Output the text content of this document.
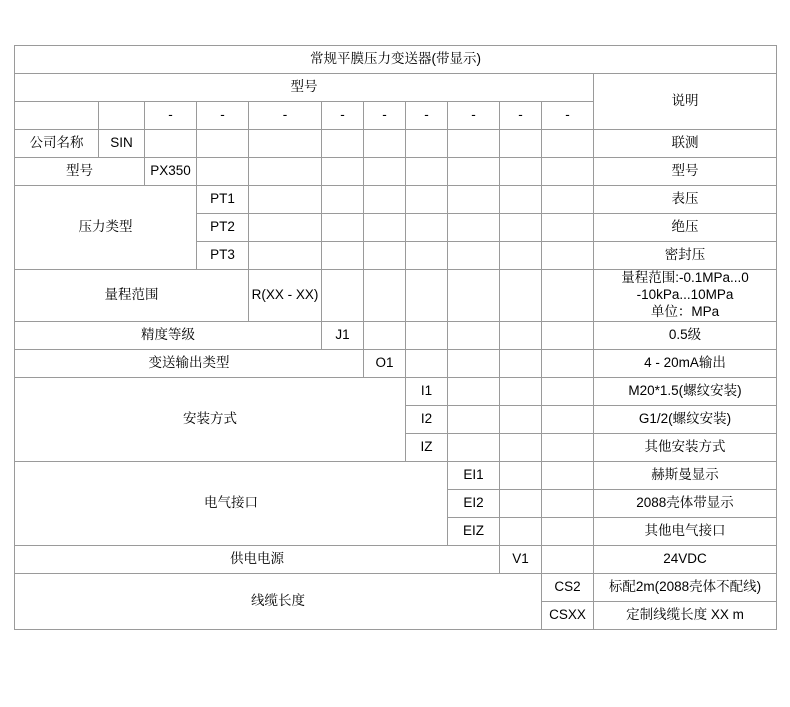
常规平膜压力变送器(带显示)											
型号											说明
		-	-	-	-	-	-	-	-	-	
公司名称	SIN										联测
型号		PX350									型号
压力类型			PT1								表压
			PT2								绝压
			PT3								密封压
量程范围				R(XX - XX)							量程范围:-0.1MPa...0
-10kPa...10MPa
单位：MPa

精度等级					J1						0.5级
变送输出类型						O1					4 - 20mA输出
安装方式							I1				M20*1.5(螺纹安装)
							I2				G1/2(螺纹安装)
							IZ				其他安装方式
电气接口								EI1			赫斯曼显示
								EI2			2088壳体带显示
								EIZ			其他电气接口
供电电源									V1		24VDC
线缆长度										CS2	标配2m(2088壳体不配线)
										CSXX	定制线缆长度 XX m
